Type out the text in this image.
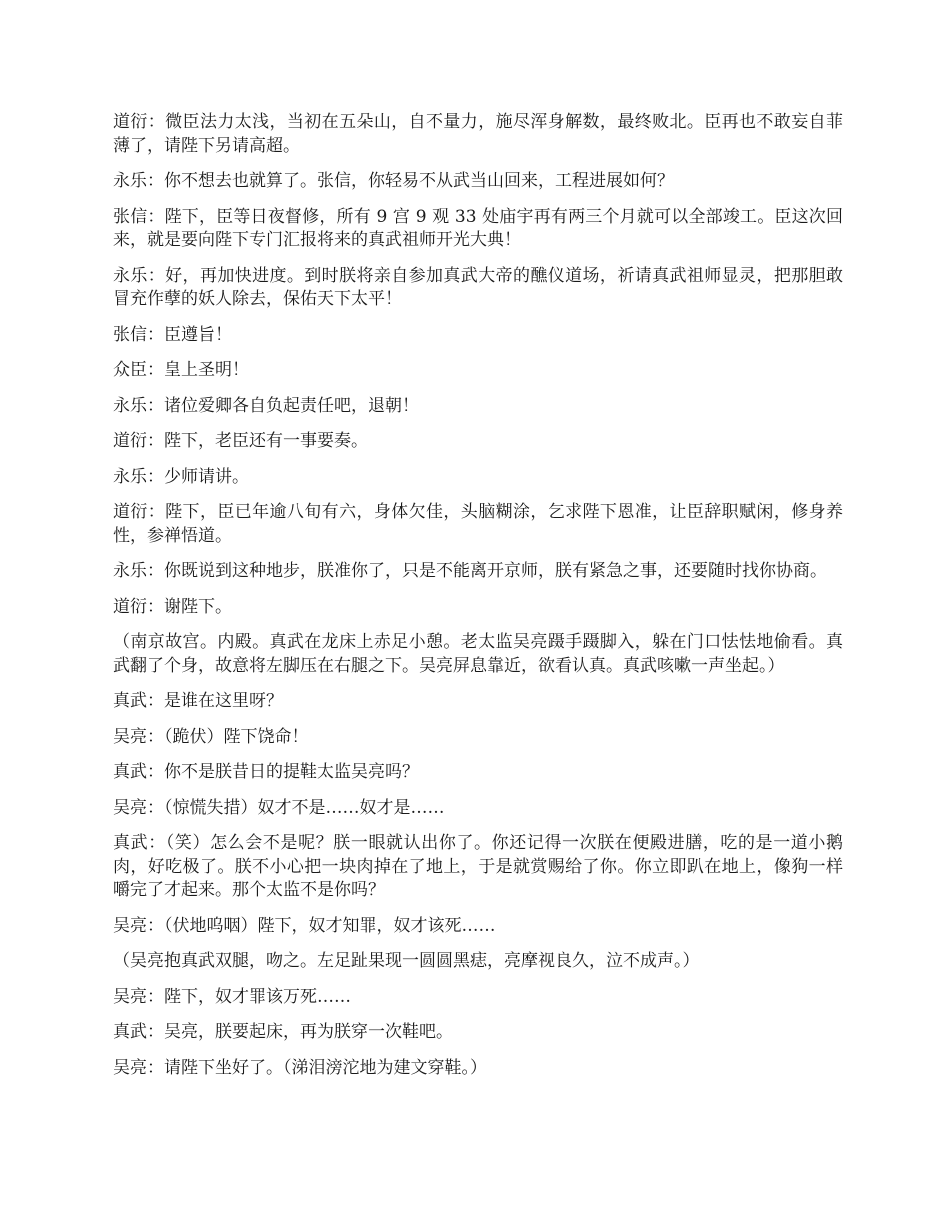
道衍：微臣法力太浅，当初在五朵山，自不量力，施尽浑身解数，最终败北。臣再也不敢妄自菲薄了，请陛下另请高超。

永乐：你不想去也就算了。张信，你轻易不从武当山回来，工程进展如何？

张信：陛下，臣等日夜督修，所有 9 宫 9 观 33 处庙宇再有两三个月就可以全部竣工。臣这次回来，就是要向陛下专门汇报将来的真武祖师开光大典！

永乐：好，再加快进度。到时朕将亲自参加真武大帝的醮仪道场，祈请真武祖师显灵，把那胆敢冒充作孽的妖人除去，保佑天下太平！

张信：臣遵旨！

众臣：皇上圣明！

永乐：诸位爱卿各自负起责任吧，退朝！

道衍：陛下，老臣还有一事要奏。

永乐：少师请讲。

道衍：陛下，臣已年逾八旬有六，身体欠佳，头脑糊涂，乞求陛下恩准，让臣辞职赋闲，修身养性，参禅悟道。

永乐：你既说到这种地步，朕准你了，只是不能离开京师，朕有紧急之事，还要随时找你协商。

道衍：谢陛下。

（南京故宫。内殿。真武在龙床上赤足小憩。老太监吴亮蹑手蹑脚入，躲在门口怯怯地偷看。真武翻了个身，故意将左脚压在右腿之下。吴亮屏息靠近，欲看认真。真武咳嗽一声坐起。）

真武：是谁在这里呀？

吴亮：（跪伏）陛下饶命！

真武：你不是朕昔日的提鞋太监吴亮吗？

吴亮：（惊慌失措）奴才不是……奴才是……

真武：（笑）怎么会不是呢？朕一眼就认出你了。你还记得一次朕在便殿进膳，吃的是一道小鹅肉，好吃极了。朕不小心把一块肉掉在了地上，于是就赏赐给了你。你立即趴在地上，像狗一样嚼完了才起来。那个太监不是你吗？

吴亮：（伏地呜咽）陛下，奴才知罪，奴才该死……

（吴亮抱真武双腿，吻之。左足趾果现一圆圆黑痣，亮摩视良久，泣不成声。）

吴亮：陛下，奴才罪该万死……

真武：吴亮，朕要起床，再为朕穿一次鞋吧。

吴亮：请陛下坐好了。（涕泪滂沱地为建文穿鞋。）
